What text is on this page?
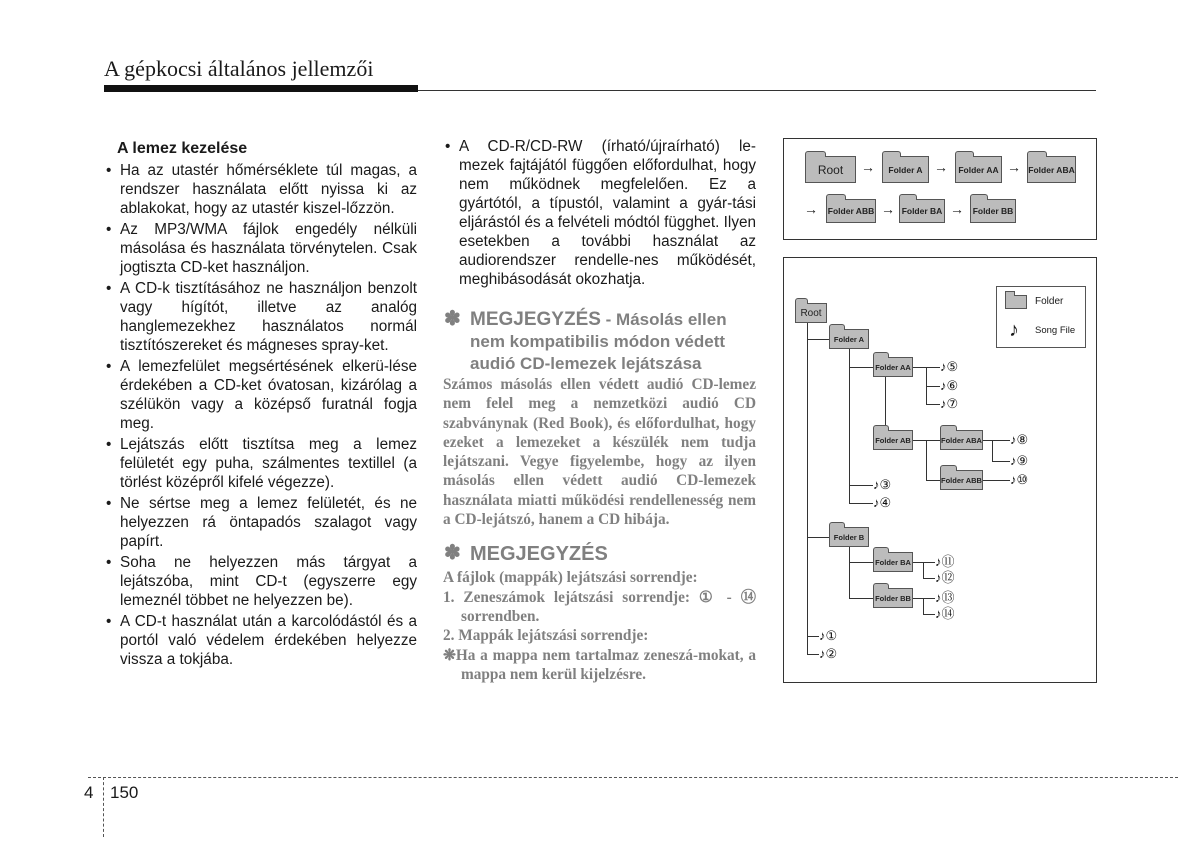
A gépkocsi általános jellemzői
A lemez kezelése
• Ha az utastér hőmérséklete túl magas, a rendszer használata előtt nyissa ki az ablakokat, hogy az utastér kiszel-lőzzön.
• Az MP3/WMA fájlok engedély nélküli másolása és használata törvénytelen. Csak jogtiszta CD-ket használjon.
• A CD-k tisztításához ne használjon benzolt vagy hígítót, illetve az analóg hanglemezekhez használatos normál tisztítószereket és mágneses spray-ket.
• A lemezfelület megsértésének elkerü-lése érdekében a CD-ket óvatosan, kizárólag a szélükön vagy a középső furatnál fogja meg.
• Lejátszás előtt tisztítsa meg a lemez felületét egy puha, szálmentes textillel (a törlést középről kifelé végezze).
• Ne sértse meg a lemez felületét, és ne helyezzen rá öntapadós szalagot vagy papírt.
• Soha ne helyezzen más tárgyat a lejátszóba, mint CD-t (egyszerre egy lemeznél többet ne helyezzen be).
• A CD-t használat után a karcolódástól és a portól való védelem érdekében helyezze vissza a tokjába.
• A CD-R/CD-RW (írható/újraírható) le-mezek fajtájától függően előfordulhat, hogy nem működnek megfelelően. Ez a gyártótól, a típustól, valamint a gyár-tási eljárástól és a felvételi módtól függhet. Ilyen esetekben a további használat az audiorendszer rendelle-nes működését, meghibásodását okozhatja.
✽ MEGJEGYZÉS - Másolás ellen nem kompatibilis módon védett audió CD-lemezek lejátszása

Számos másolás ellen védett audió CD-lemez nem felel meg a nemzetközi audió CD szabványnak (Red Book), és előfordulhat, hogy ezeket a lemezeket a készülék nem tudja lejátszani. Vegye figyelembe, hogy az ilyen másolás ellen védett audió CD-lemezek használata miatti működési rendellenesség nem a CD-lejátszó, hanem a CD hibája.

✽ MEGJEGYZÉS

A fájlok (mappák) lejátszási sorrendje:

1. Zeneszámok lejátszási sorrendje: ① - ⑭ sorrendben.

2. Mappák lejátszási sorrendje:

❋Ha a mappa nem tartalmaz zeneszá-mokat, a mappa nem kerül kijelzésre.

Root	→	Folder A →	Folder AA → Folder ABA
→ Folder ABB → Folder BA →	Folder BB
Folder
♪ Song File
Root
Folder A
Folder AA
Folder AB	Folder ABA
Folder ABB
Folder B
Folder BA
Folder BB
♪⑤
♪⑥
♪⑦
♪⑧
♪⑨
♪⑩
♪③
♪④
♪⑪
♪⑫
♪⑬
♪⑭
♪①
♪②
4 150
